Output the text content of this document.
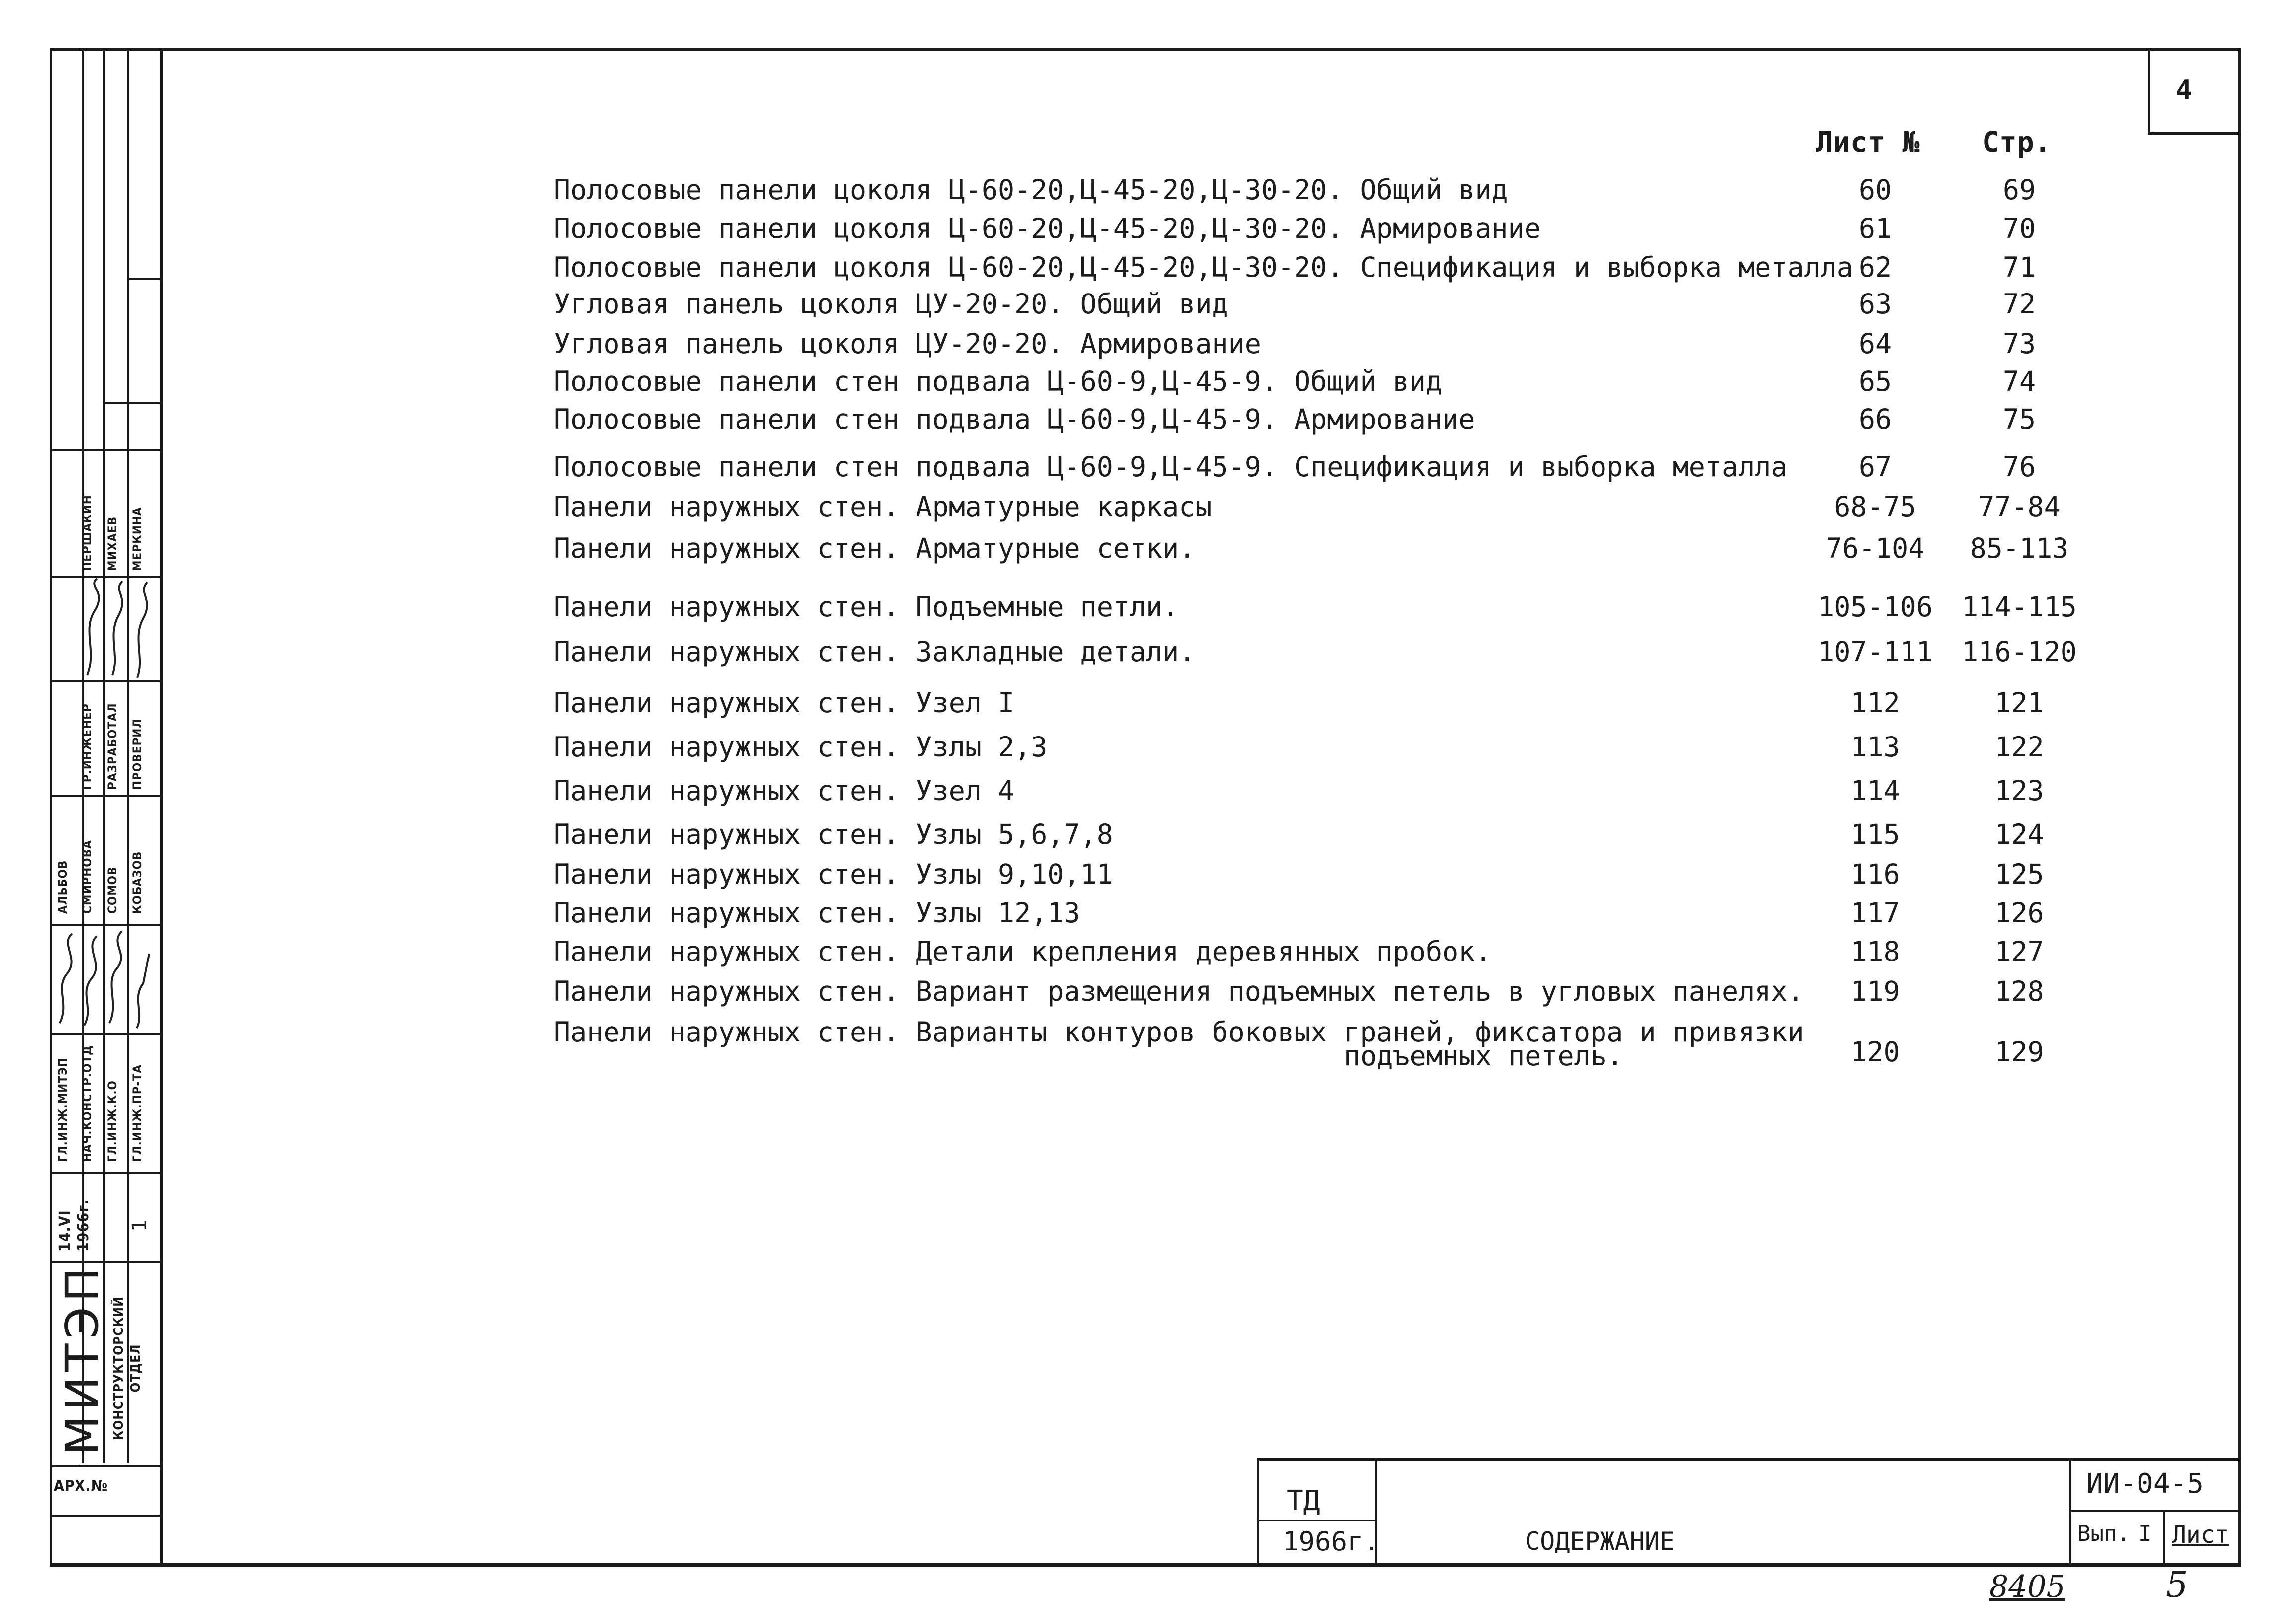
4
МИТЭП КОНСТРУКТОРСКИЙ ОТДЕЛ
14.VI 1966г. 1
ГЛ.ИНЖ.МИТЭП НАЧ.КОНСТР.ОТД ГЛ.ИНЖ.К.О ГЛ.ИНЖ.ПР-ТА
АЛЬБОВ СМИРНОВА СОМОВ КОБАЗОВ
ГР.ИНЖЕНЕР РАЗРАБОТАЛ ПРОВЕРИЛ
ПЕРШАКИН МИХАЕВ МЕРКИНА
АРХ.№
Лист № Стр.
Полосовые панели цоколя Ц-60-20,Ц-45-20,Ц-30-20. Общий вид	60	69
Полосовые панели цоколя Ц-60-20,Ц-45-20,Ц-30-20. Армирование	61	70
Полосовые панели цоколя Ц-60-20,Ц-45-20,Ц-30-20. Спецификация и выборка металла 62	71
Угловая панель цоколя ЦУ-20-20. Общий вид	63	72
Угловая панель цоколя ЦУ-20-20. Армирование	64	73
Полосовые панели стен подвала Ц-60-9,Ц-45-9. Общий вид	65	74
Полосовые панели стен подвала Ц-60-9,Ц-45-9. Армирование	66	75
Полосовые панели стен подвала Ц-60-9,Ц-45-9. Спецификация и выборка металла	67	76
Панели наружных стен. Арматурные каркасы	68-75	77-84
Панели наружных стен. Арматурные сетки.	76-104	85-113
Панели наружных стен. Подъемные петли.	105-106	114-115
Панели наружных стен. Закладные детали.	107-111	116-120
Панели наружных стен. Узел I	112	121
Панели наружных стен. Узлы 2,3	113	122
Панели наружных стен. Узел 4	114	123
Панели наружных стен. Узлы 5,6,7,8	115	124
Панели наружных стен. Узлы 9,10,11	116	125
Панели наружных стен. Узлы 12,13	117	126
Панели наружных стен. Детали крепления деревянных пробок.	118	127
Панели наружных стен. Вариант размещения подъемных петель в угловых панелях.	119	128
Панели наружных стен. Варианты контуров боковых граней, фиксатора и привязки
подъемных петель.	120	129
ТД
1966г.	СОДЕРЖАНИЕ
ИИ-04-5
Вып. I Лист
8405	5
